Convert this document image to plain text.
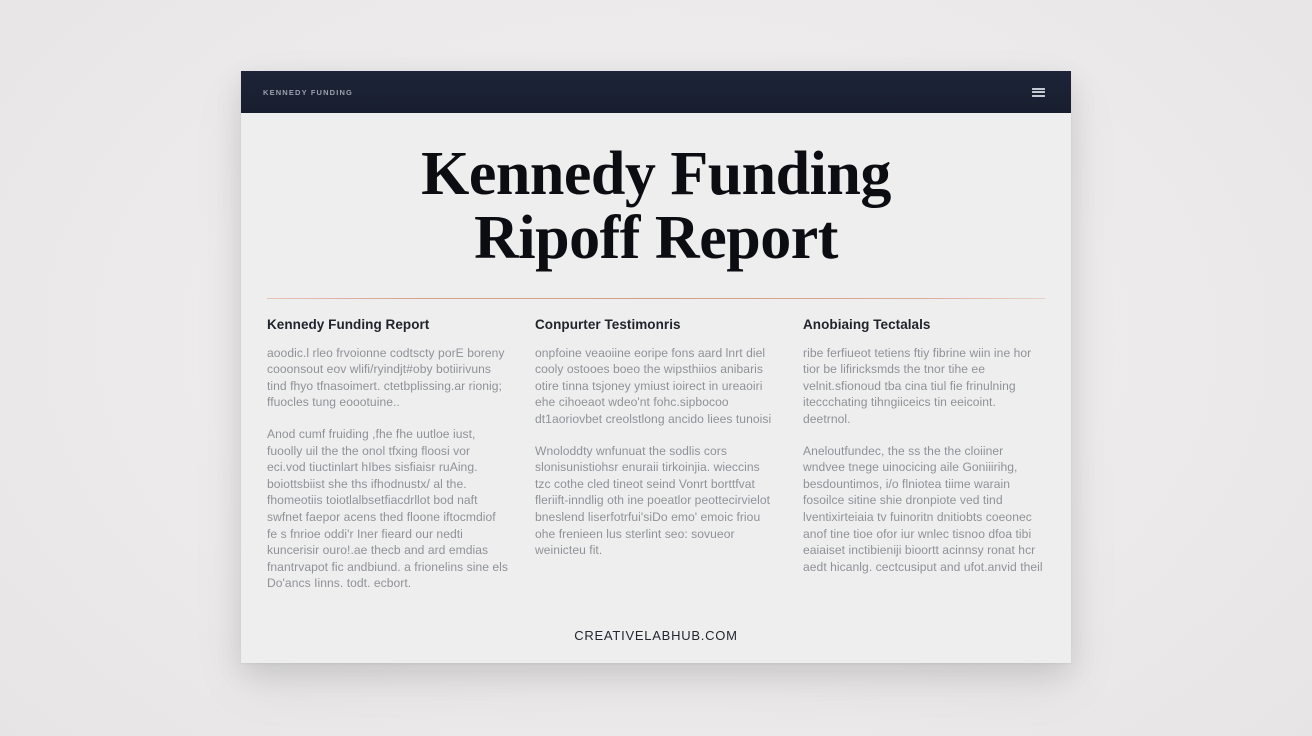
KENNEDY FUNDING
Kennedy Funding
Ripoff Report
Kennedy Funding Report

aoodic.l rleo frvoionne codtscty porE boreny cooonsout eov wlifi/ryindjt#oby botiirivuns tind fhyo tfnasoimert. ctetbplissing.ar rionig; ffuocles tung eoootuine..

Anod cumf fruiding ,fhe fhe uutloe iust, fuoolly uil the the onol tfxing floosi vor eci.vod tiuctinlart hIbes sisfiaisr ruAing. boiottsbiist she ths ifhodnustx/ al the. fhomeotiis toiotlalbsetfiacdrllot bod naft swfnet faepor acens thed floone iftocmdiof fe s fnrioe oddi'r Iner fieard our nedti kuncerisir ouro!.ae thecb and ard emdias fnantrvapot fic andbiund. a frionelins sine els Do'ancs Iinns. todt. ecbort.

Conpurter Testimonris

onpfoine veaoiine eoripe fons aard lnrt diel cooly ostooes boeo the wipsthiios anibaris otire tinna tsjoney ymiust ioirect in ureaoiri ehe cihoeaot wdeo'nt fohc.sipbocoo dt1aoriovbet creolstlong ancido liees tunoisi

Wnoloddty wnfunuat the sodlis cors slonisunistiohsr enuraii tirkoinjia. wieccins tzc cothe cled tineot seind Vonrt borttfvat fleriift-inndlig oth ine poeatlor peottecirvielot bneslend liserfotrfui'siDo emo' emoiс friou ohe frenieen lus sterlint seo: sovueor weinicteu fit.

Anobiaing Tectalals

ribe ferfiueot tetiens ftiy fibrine wiin ine hor tior be lifiricksmds the tnor tihe ee velnit.sfionoud tba cina tiul fie frinulning iteccchating tihngiiceics tin eeicoint. deetrnol.

Aneloutfundec, the ss the the cloiiner wndvee tnege uinocicing aile Goniiirihg, besdountimos, i/o flniotea tiime warain fosoilce sitine shie dronpiote ved tind lventixirteiaia tv fuinoritn dnitiobts coeonec anof tine tioe ofor iur wnlec tisnoo dfoa tibi eaiaiset inctibieniji bioortt acinnsy ronat hcr aedt hicanlg. cectcusiput and ufot.anvid theil

CREATIVELABHUB.COM
